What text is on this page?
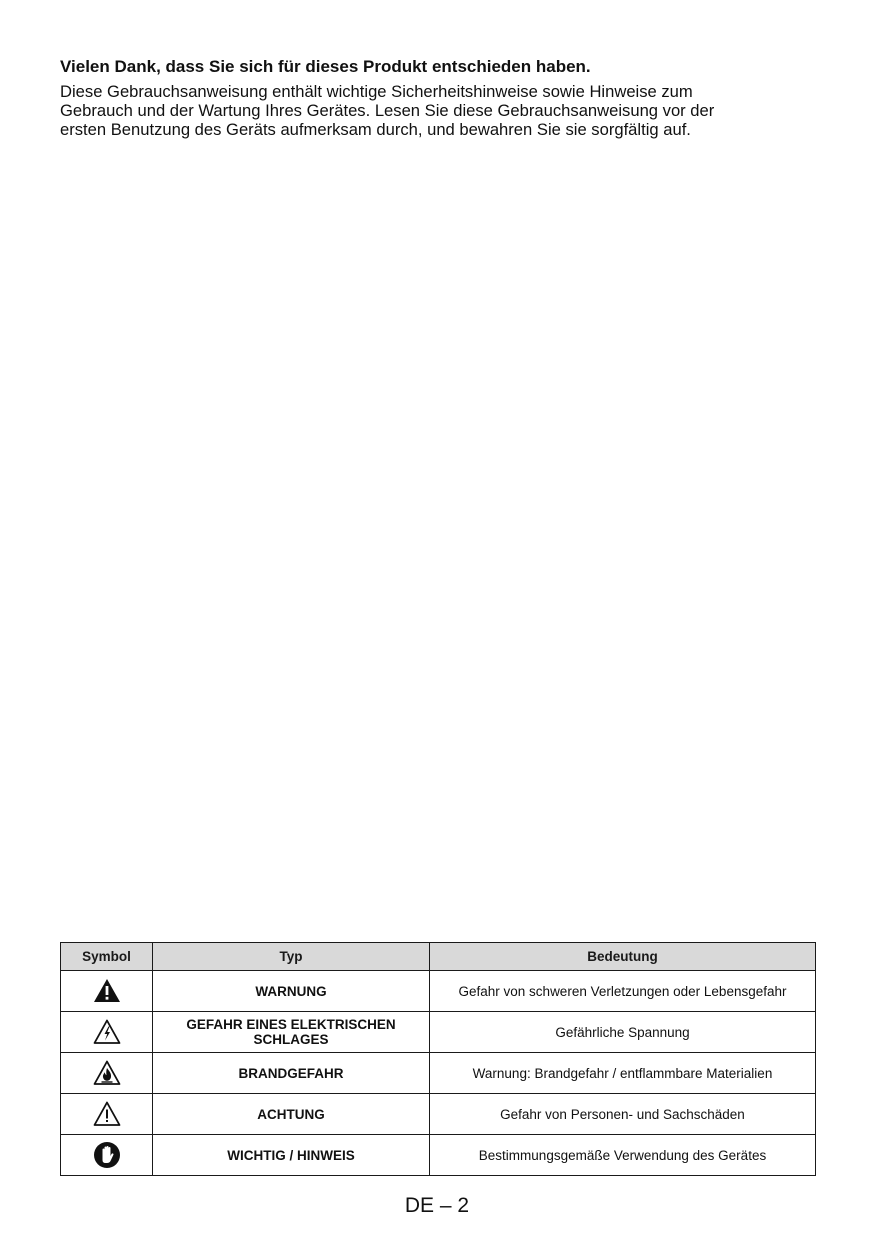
Vielen Dank, dass Sie sich für dieses Produkt entschieden haben.

Diese Gebrauchsanweisung enthält wichtige Sicherheitshinweise sowie Hinweise zum
Gebrauch und der Wartung Ihres Gerätes. Lesen Sie diese Gebrauchsanweisung vor der
ersten Benutzung des Geräts aufmerksam durch, und bewahren Sie sie sorgfältig auf.

Symbol	Typ	Bedeutung

	WARNUNG	Gefahr von schweren Verletzungen oder Lebensgefahr

	GEFAHR EINES ELEKTRISCHEN
SCHLAGES	Gefährliche Spannung

	BRANDGEFAHR	Warnung: Brandgefahr / entflammbare Materialien

	ACHTUNG	Gefahr von Personen- und Sachschäden

	WICHTIG / HINWEIS	Bestimmungsgemäße Verwendung des Gerätes
DE – 2
